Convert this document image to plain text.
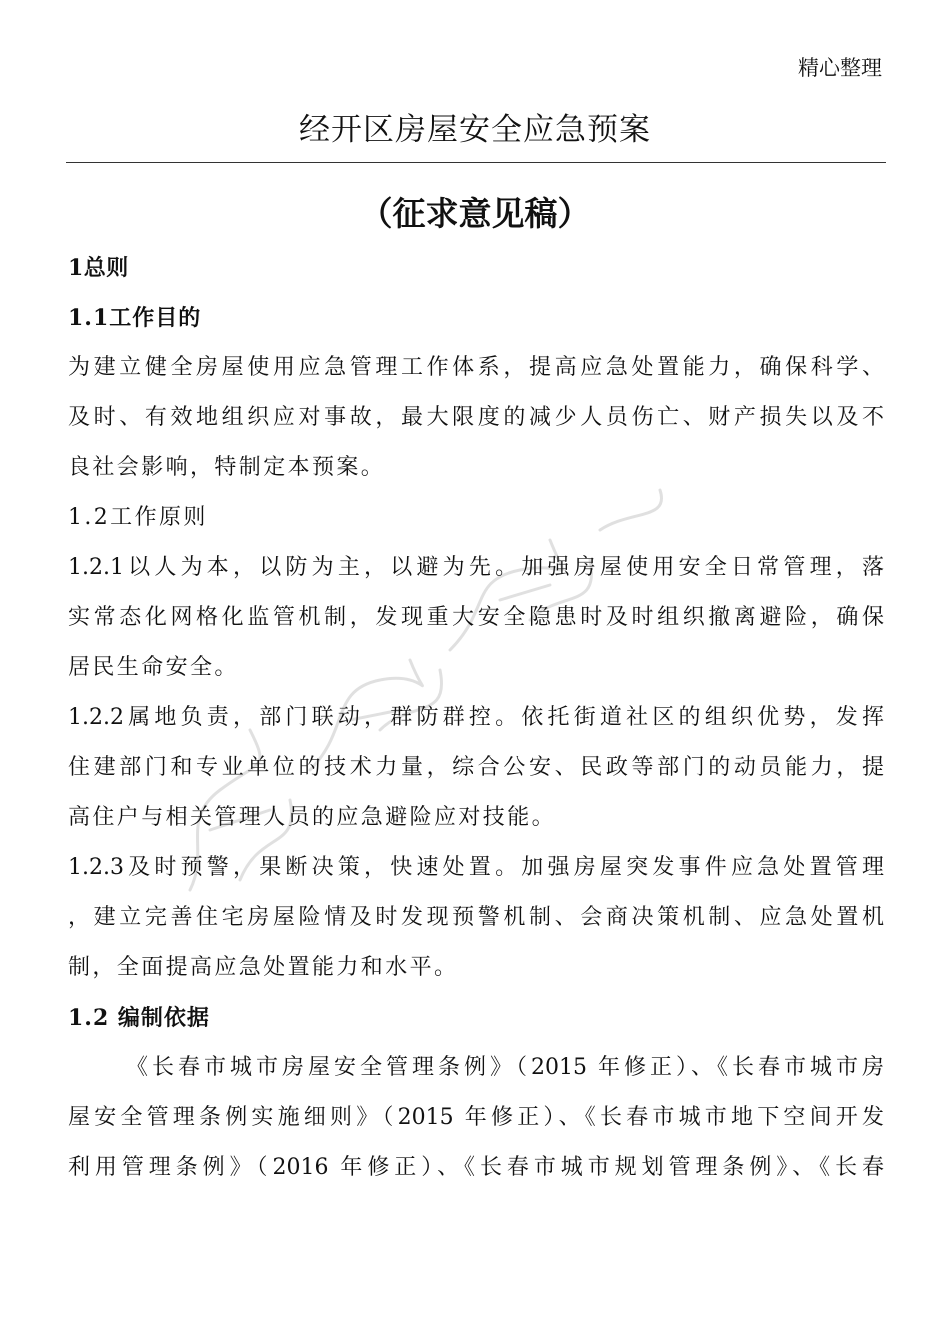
精心整理
经开区房屋安全应急预案
（征求意见稿）
1总则
1.1工作目的
为建立健全房屋使用应急管理工作体系，提高应急处置能力，确保科学、
及时、有效地组织应对事故，最大限度的减少人员伤亡、财产损失以及不
良社会影响，特制定本预案。
1.2工作原则
1.2.1以人为本，以防为主，以避为先。加强房屋使用安全日常管理，落
实常态化网格化监管机制，发现重大安全隐患时及时组织撤离避险，确保
居民生命安全。
1.2.2属地负责，部门联动，群防群控。依托街道社区的组织优势，发挥
住建部门和专业单位的技术力量，综合公安、民政等部门的动员能力，提
高住户与相关管理人员的应急避险应对技能。
1.2.3及时预警，果断决策，快速处置。加强房屋突发事件应急处置管理
，建立完善住宅房屋险情及时发现预警机制、会商决策机制、应急处置机
制，全面提高应急处置能力和水平。
1.2 编制依据
《长春市城市房屋安全管理条例》（2015 年修正）、《长春市城市房
屋安全管理条例实施细则》（2015 年修正）、《长春市城市地下空间开发
利用管理条例》（2016 年修正）、《长春市城市规划管理条例》、《长春
